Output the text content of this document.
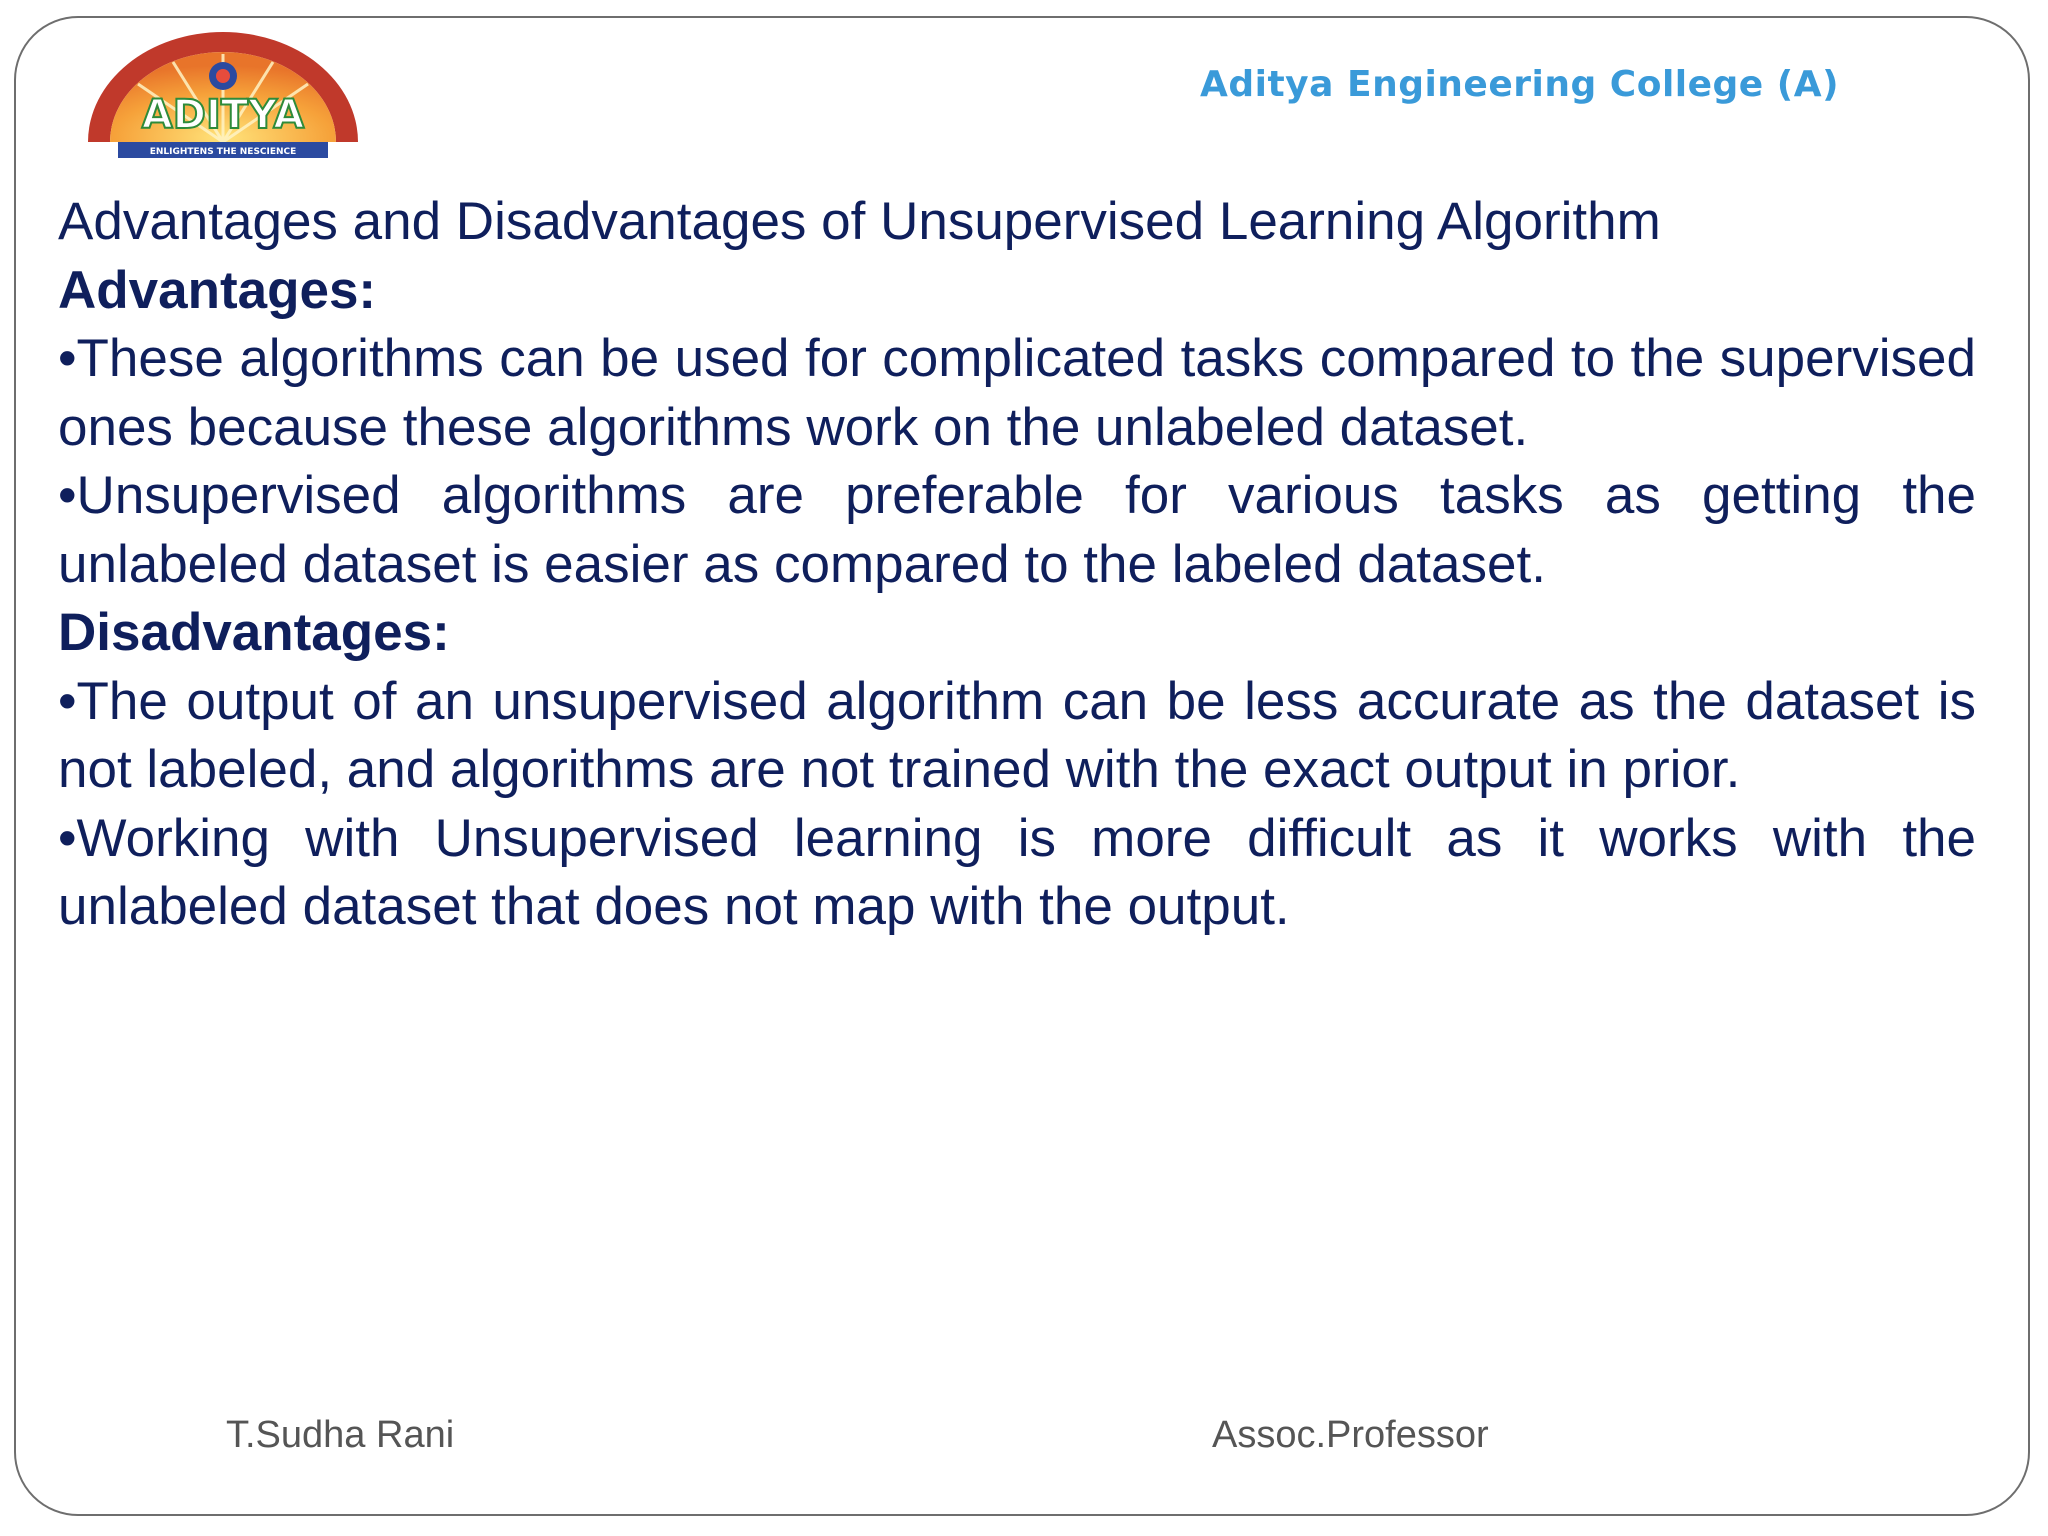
ADITYA
ENLIGHTENS THE NESCIENCE
Aditya Engineering College (A)
Advantages and Disadvantages of Unsupervised Learning Algorithm
Advantages:
•These algorithms can be used for complicated tasks compared to the supervised ones because these algorithms work on the unlabeled dataset.
•Unsupervised algorithms are preferable for various tasks as getting the unlabeled dataset is easier as compared to the labeled dataset.
Disadvantages:
•The output of an unsupervised algorithm can be less accurate as the dataset is not labeled, and algorithms are not trained with the exact output in prior.
•Working with Unsupervised learning is more difficult as it works with the unlabeled dataset that does not map with the output.
T.Sudha Rani	Assoc.Professor
